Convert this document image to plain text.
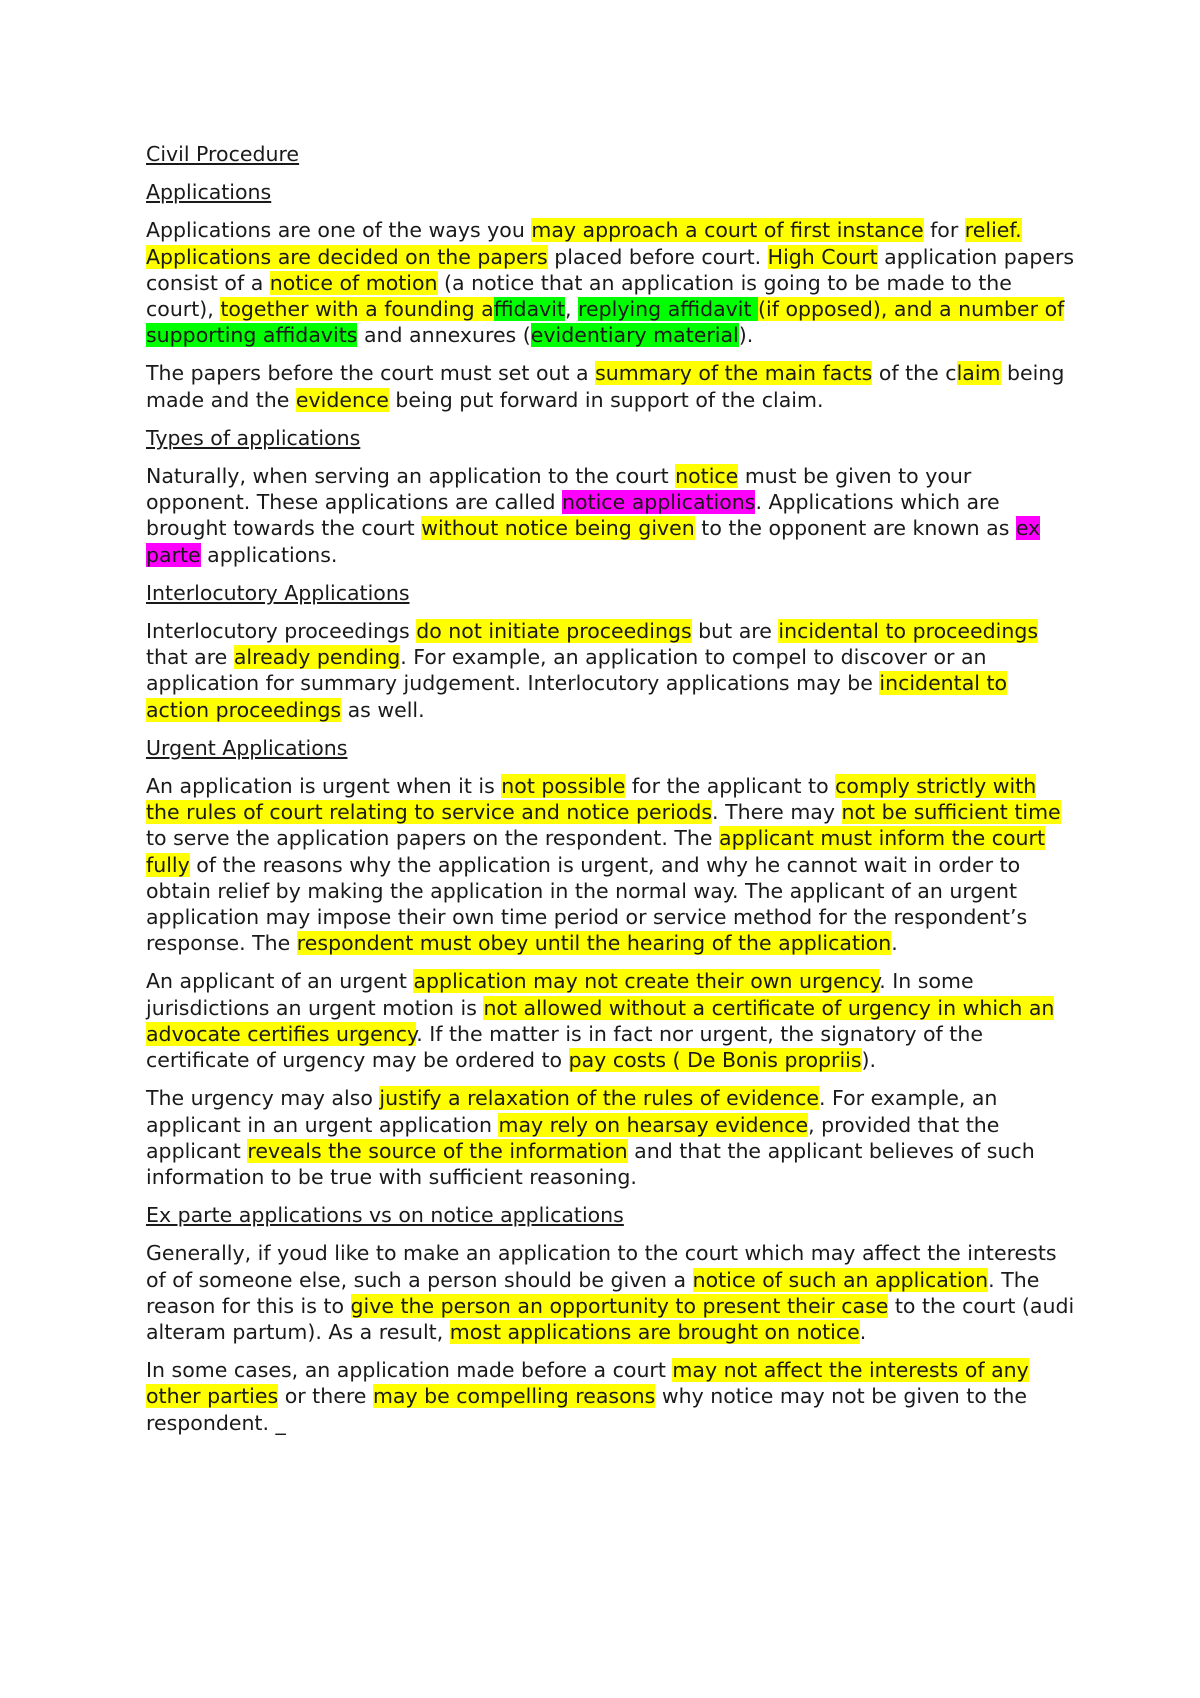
Civil Procedure

Applications

Applications are one of the ways you may approach a court of first instance for relief. Applications are decided on the papers placed before court. High Court application papers consist of a notice of motion (a notice that an application is going to be made to the court), together with a founding affidavit, replying affidavit (if opposed), and a number of supporting affidavits and annexures (evidentiary material).

The papers before the court must set out a summary of the main facts of the claim being made and the evidence being put forward in support of the claim.

Types of applications

Naturally, when serving an application to the court notice must be given to your opponent. These applications are called notice applications. Applications which are brought towards the court without notice being given to the opponent are known as ex parte applications.

Interlocutory Applications

Interlocutory proceedings do not initiate proceedings but are incidental to proceedings that are already pending. For example, an application to compel to discover or an application for summary judgement. Interlocutory applications may be incidental to action proceedings as well.

Urgent Applications

An application is urgent when it is not possible for the applicant to comply strictly with the rules of court relating to service and notice periods. There may not be sufficient time to serve the application papers on the respondent. The applicant must inform the court fully of the reasons why the application is urgent, and why he cannot wait in order to obtain relief by making the application in the normal way. The applicant of an urgent application may impose their own time period or service method for the respondent’s response. The respondent must obey until the hearing of the application.

An applicant of an urgent application may not create their own urgency. In some jurisdictions an urgent motion is not allowed without a certificate of urgency in which an advocate certifies urgency. If the matter is in fact nor urgent, the signatory of the certificate of urgency may be ordered to pay costs ( De Bonis propriis).

The urgency may also justify a relaxation of the rules of evidence. For example, an applicant in an urgent application may rely on hearsay evidence, provided that the applicant reveals the source of the information and that the applicant believes of such information to be true with sufficient reasoning.

Ex parte applications vs on notice applications

Generally, if youd like to make an application to the court which may affect the interests of of someone else, such a person should be given a notice of such an application. The reason for this is to give the person an opportunity to present their case to the court (audi alteram partum). As a result, most applications are brought on notice.

In some cases, an application made before a court may not affect the interests of any other parties or there may be compelling reasons why notice may not be given to the respondent. _
